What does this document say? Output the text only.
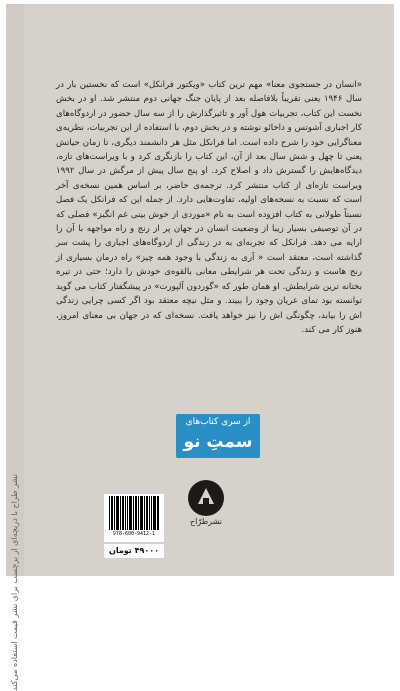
نشر طراح با دریچه‌ای از برچسب برای نشر قیمت استفاده می‌کند
«انسان در جستجوی معنا» مهم ترین کتاب «ویکتور فرانکل» است که نخستین بار در سال ۱۹۴۶ یعنی تقریباً بلافاصله بعد از پایان جنگ جهانی دوم منتشر شد. او در بخش نخست این کتاب، تجربیات هول آور و تاثیرگذارش را از سه سال حضور در اردوگاه‌های کار اجباری آشوتس و داخائو نوشته و در بخش دوم، با استفاده از این تجربیات، نظریه‌ی معناگرایی خود را شرح داده است. اما فرانکل مثل هر دانشمند دیگری، تا زمان حیاتش یعنی تا چهل و شش سال بعد از آن، این کتاب را بازنگری کرد و با ویراست‌های تازه، دیدگاه‌هایش را گسترش داد و اصلاح کرد. او پنج سال پیش از مرگش در سال ۱۹۹۲ ویراست تازه‌ای از کتاب منتشر کرد. ترجمه‌ی حاضر، بر اساس همین نسخه‌ی آخر است که نسبت به نسخه‌های اولیه، تفاوت‌هایی دارد. از جمله این که فرانکل یک فصل نسبتاً طولانی به کتاب افزوده است به نام «موردی از خوش بینی غم انگیز» فصلی که در آن توصیفی بسیار زیبا از وضعیت انسان در جهان پر از رنج و راه مواجهه با آن را ارایه می دهد. فرانکل که تجربه‌ای به در زندگی از اردوگاه‌های اجباری را پشت سر گذاشته است، معتقد است « آری به زندگی با وجود همه چیز» راه درمان بسیاری از رنج هاست و زندگی تحت هر شرایطی معانی بالقوه‌ی خودش را دارد؛ حتی در تیره بختانه ترین شرایطش. او همان طور که «گوردون آلپورت» در پیشگفتار کتاب می گوید توانسته بود تمای عریان وجود را ببیند. و مثل نیچه معتقد بود اگر کسی چرایی زندگی اش را بیابد، چگونگی اش را نیز خواهد یافت. نسخه‌ای که در جهان بی معنای امروز، هنوز کار می کند.
از سری کتاب‌های
سمتِ نو
نشرطرّاح
978-600-9412-1
۴۹۰۰۰ تومان
